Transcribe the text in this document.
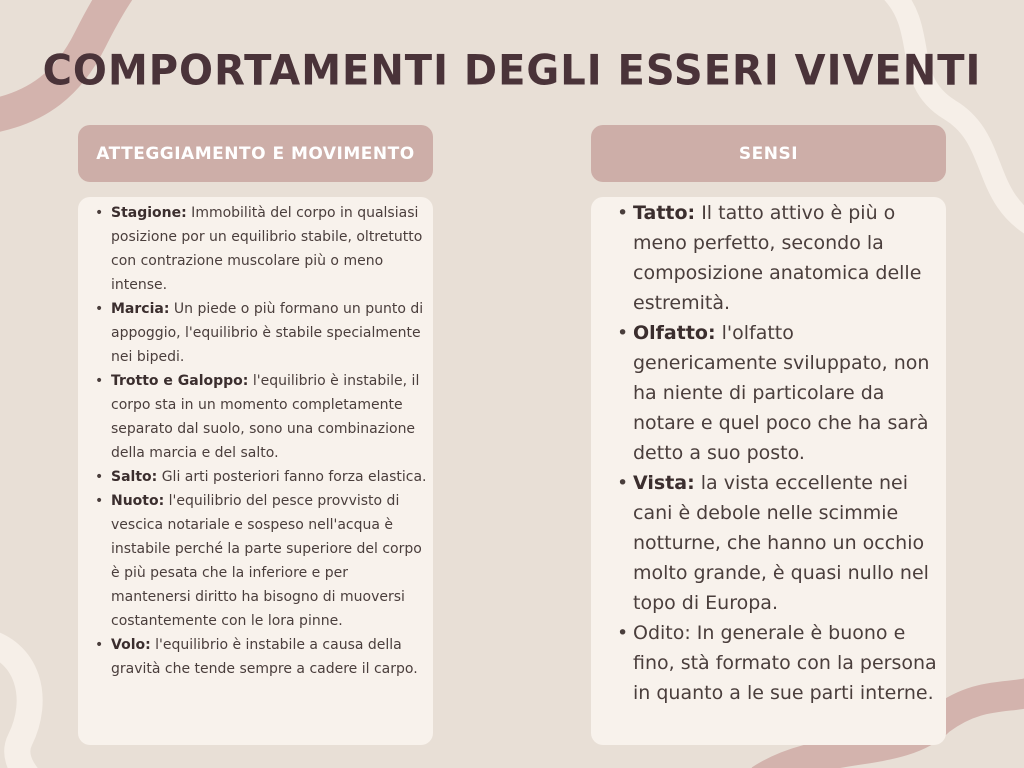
COMPORTAMENTI DEGLI ESSERI VIVENTI
ATTEGGIAMENTO E MOVIMENTO	SENSI
• Stagione: Immobilità del corpo in qualsiasi posizione por un equilibrio stabile, oltretutto con contrazione muscolare più o meno intense.
• Marcia: Un piede o più formano un punto di appoggio, l'equilibrio è stabile specialmente nei bipedi.
• Trotto e Galoppo: l'equilibrio è instabile, il corpo sta in un momento completamente separato dal suolo, sono una combinazione della marcia e del salto.
• Salto: Gli arti posteriori fanno forza elastica.
• Nuoto: l'equilibrio del pesce provvisto di vescica notariale e sospeso nell'acqua è instabile perché la parte superiore del corpo è più pesata che la inferiore e per mantenersi diritto ha bisogno di muoversi costantemente con le lora pinne.
• Volo: l'equilibrio è instabile a causa della gravità che tende sempre a cadere il carpo.
• Tatto: Il tatto attivo è più o meno perfetto, secondo la composizione anatomica delle estremità.
• Olfatto: l'olfatto genericamente sviluppato, non ha niente di particolare da notare e quel poco che ha sarà detto a suo posto.
• Vista: la vista eccellente nei cani è debole nelle scimmie notturne, che hanno un occhio molto grande, è quasi nullo nel topo di Europa.
• Odito: In generale è buono e fino, stà formato con la persona in quanto a le sue parti interne.
